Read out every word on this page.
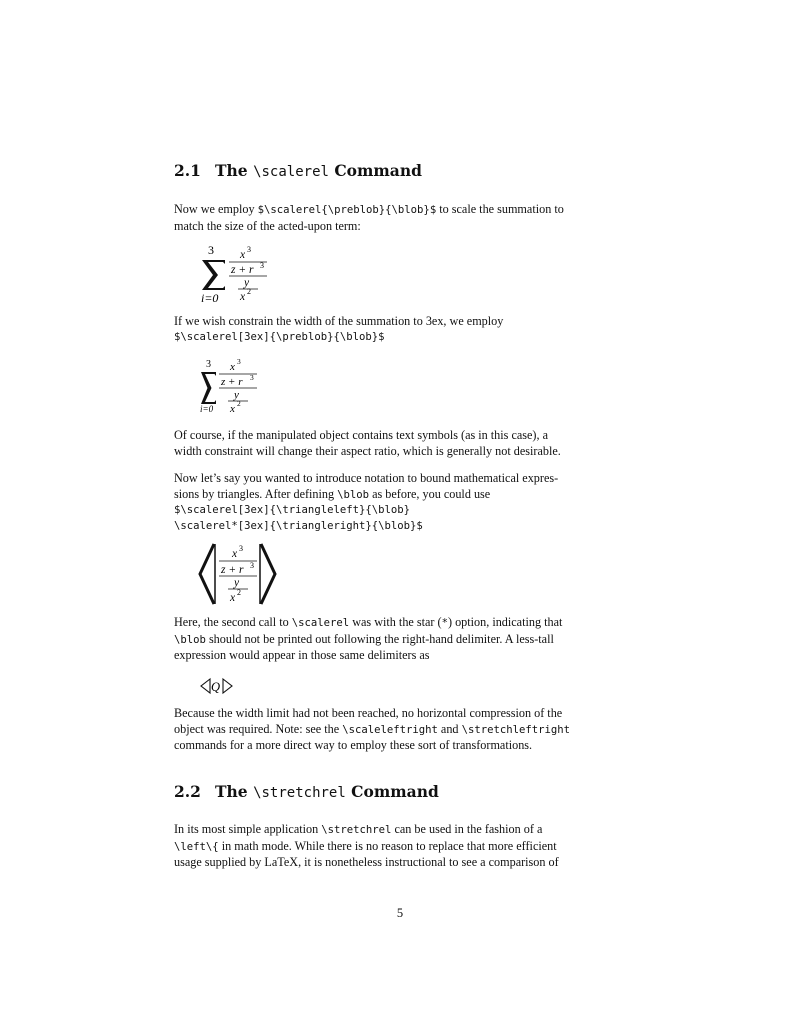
2.1 The \scalerel Command
Now we employ $\scalerel{\preblob}{\blob}$ to scale the summation to
match the size of the acted-upon term:
3
i=0
x 3
z + r 3
y
x 2
If we wish constrain the width of the summation to 3ex, we employ
$\scalerel[3ex]{\preblob}{\blob}$
3
i=0
x 3
z + r 3
y
x 2
Of course, if the manipulated object contains text symbols (as in this case), a
width constraint will change their aspect ratio, which is generally not desirable.
Now let’s say you wanted to introduce notation to bound mathematical expres-
sions by triangles. After defining \blob as before, you could use
$\scalerel[3ex]{\triangleleft}{\blob}
\scalerel*[3ex]{\triangleright}{\blob}$
x 3
z + r 3
y
x 2
Here, the second call to \scalerel was with the star (*) option, indicating that
\blob should not be printed out following the right-hand delimiter. A less-tall
expression would appear in those same delimiters as
Q
Because the width limit had not been reached, no horizontal compression of the
object was required. Note: see the \scaleleftright and \stretchleftright
commands for a more direct way to employ these sort of transformations.
2.2 The \stretchrel Command
In its most simple application \stretchrel can be used in the fashion of a
\left\{ in math mode. While there is no reason to replace that more efficient
usage supplied by LaTeX, it is nonetheless instructional to see a comparison of
5
